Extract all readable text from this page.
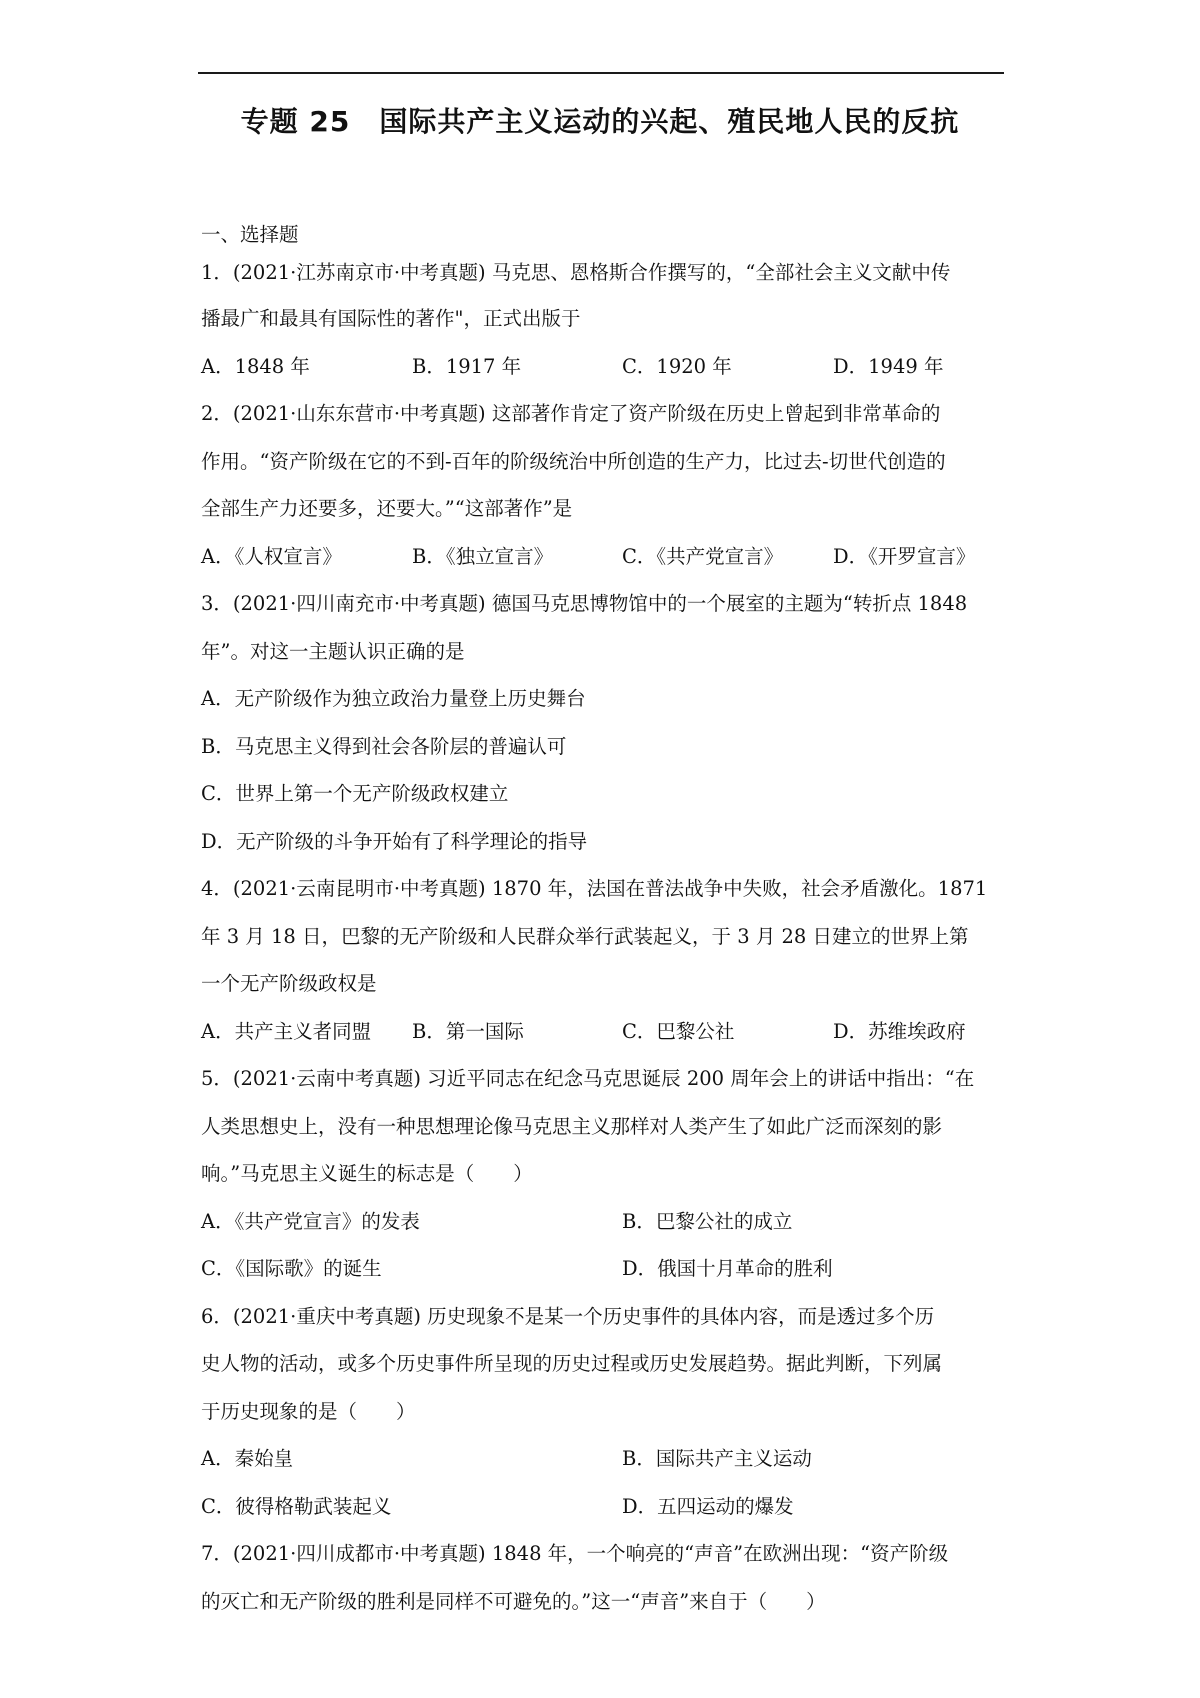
专题 25　国际共产主义运动的兴起、殖民地人民的反抗
一、选择题
1．(2021·江苏南京市·中考真题) 马克思、恩格斯合作撰写的，“全部社会主义文献中传
播最广和最具有国际性的著作"，正式出版于
A．1848 年	B．1917 年	C．1920 年	D．1949 年
2．(2021·山东东营市·中考真题) 这部著作肯定了资产阶级在历史上曾起到非常革命的
作用。“资产阶级在它的不到-百年的阶级统治中所创造的生产力，比过去-切世代创造的
全部生产力还要多，还要大。”“这部著作”是
A．《人权宣言》	B．《独立宣言》	C．《共产党宣言》	D．《开罗宣言》
3．(2021·四川南充市·中考真题) 德国马克思博物馆中的一个展室的主题为“转折点 1848
年”。对这一主题认识正确的是
A．无产阶级作为独立政治力量登上历史舞台
B．马克思主义得到社会各阶层的普遍认可
C．世界上第一个无产阶级政权建立
D．无产阶级的斗争开始有了科学理论的指导
4．(2021·云南昆明市·中考真题) 1870 年，法国在普法战争中失败，社会矛盾激化。1871
年 3 月 18 日，巴黎的无产阶级和人民群众举行武装起义，于 3 月 28 日建立的世界上第
一个无产阶级政权是
A．共产主义者同盟 B．第一国际	C．巴黎公社	D．苏维埃政府
5．(2021·云南中考真题) 习近平同志在纪念马克思诞辰 200 周年会上的讲话中指出：“在
人类思想史上，没有一种思想理论像马克思主义那样对人类产生了如此广泛而深刻的影
响。”马克思主义诞生的标志是（　　）
A．《共产党宣言》的发表	B．巴黎公社的成立
C．《国际歌》的诞生	D．俄国十月革命的胜利
6．(2021·重庆中考真题) 历史现象不是某一个历史事件的具体内容，而是透过多个历
史人物的活动，或多个历史事件所呈现的历史过程或历史发展趋势。据此判断，下列属
于历史现象的是（　　）
A．秦始皇	B．国际共产主义运动
C．彼得格勒武装起义	D．五四运动的爆发
7．(2021·四川成都市·中考真题) 1848 年，一个响亮的“声音”在欧洲出现：“资产阶级
的灭亡和无产阶级的胜利是同样不可避免的。”这一“声音”来自于（　　）
